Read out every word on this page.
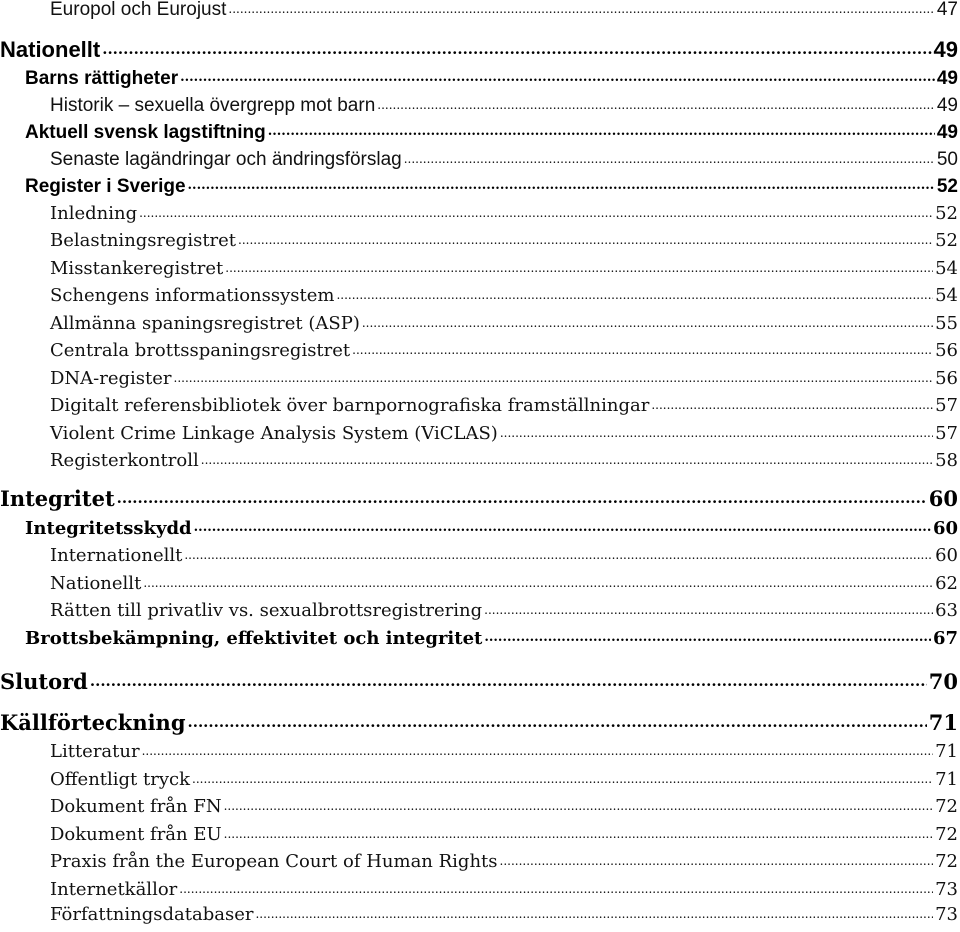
Europol och Eurojust .....	47
Nationellt .....	49
Barns rättigheter .....	49
Historik – sexuella övergrepp mot barn .....	49
Aktuell svensk lagstiftning .....	49
Senaste lagändringar och ändringsförslag .....	50
Register i Sverige .....	52
Inledning .....	52
Belastningsregistret .....	52
Misstankeregistret .....	54
Schengens informationssystem .....	54
Allmänna spaningsregistret (ASP) .....	55
Centrala brottsspaningsregistret .....	56
DNA-register .....	56
Digitalt referensbibliotek över barnpornografiska framställningar .....	57
Violent Crime Linkage Analysis System (ViCLAS) .....	57
Registerkontroll .....	58
Integritet .....	60
Integritetsskydd .....	60
Internationellt .....	60
Nationellt .....	62
Rätten till privatliv vs. sexualbrottsregistrering .....	63
Brottsbekämpning, effektivitet och integritet .....	67
Slutord .....	70
Källförteckning .....	71
Litteratur .....	71
Offentligt tryck .....	71
Dokument från FN .....	72
Dokument från EU .....	72
Praxis från the European Court of Human Rights .....	72
Internetkällor .....	73
Författningsdatabaser .....	73
